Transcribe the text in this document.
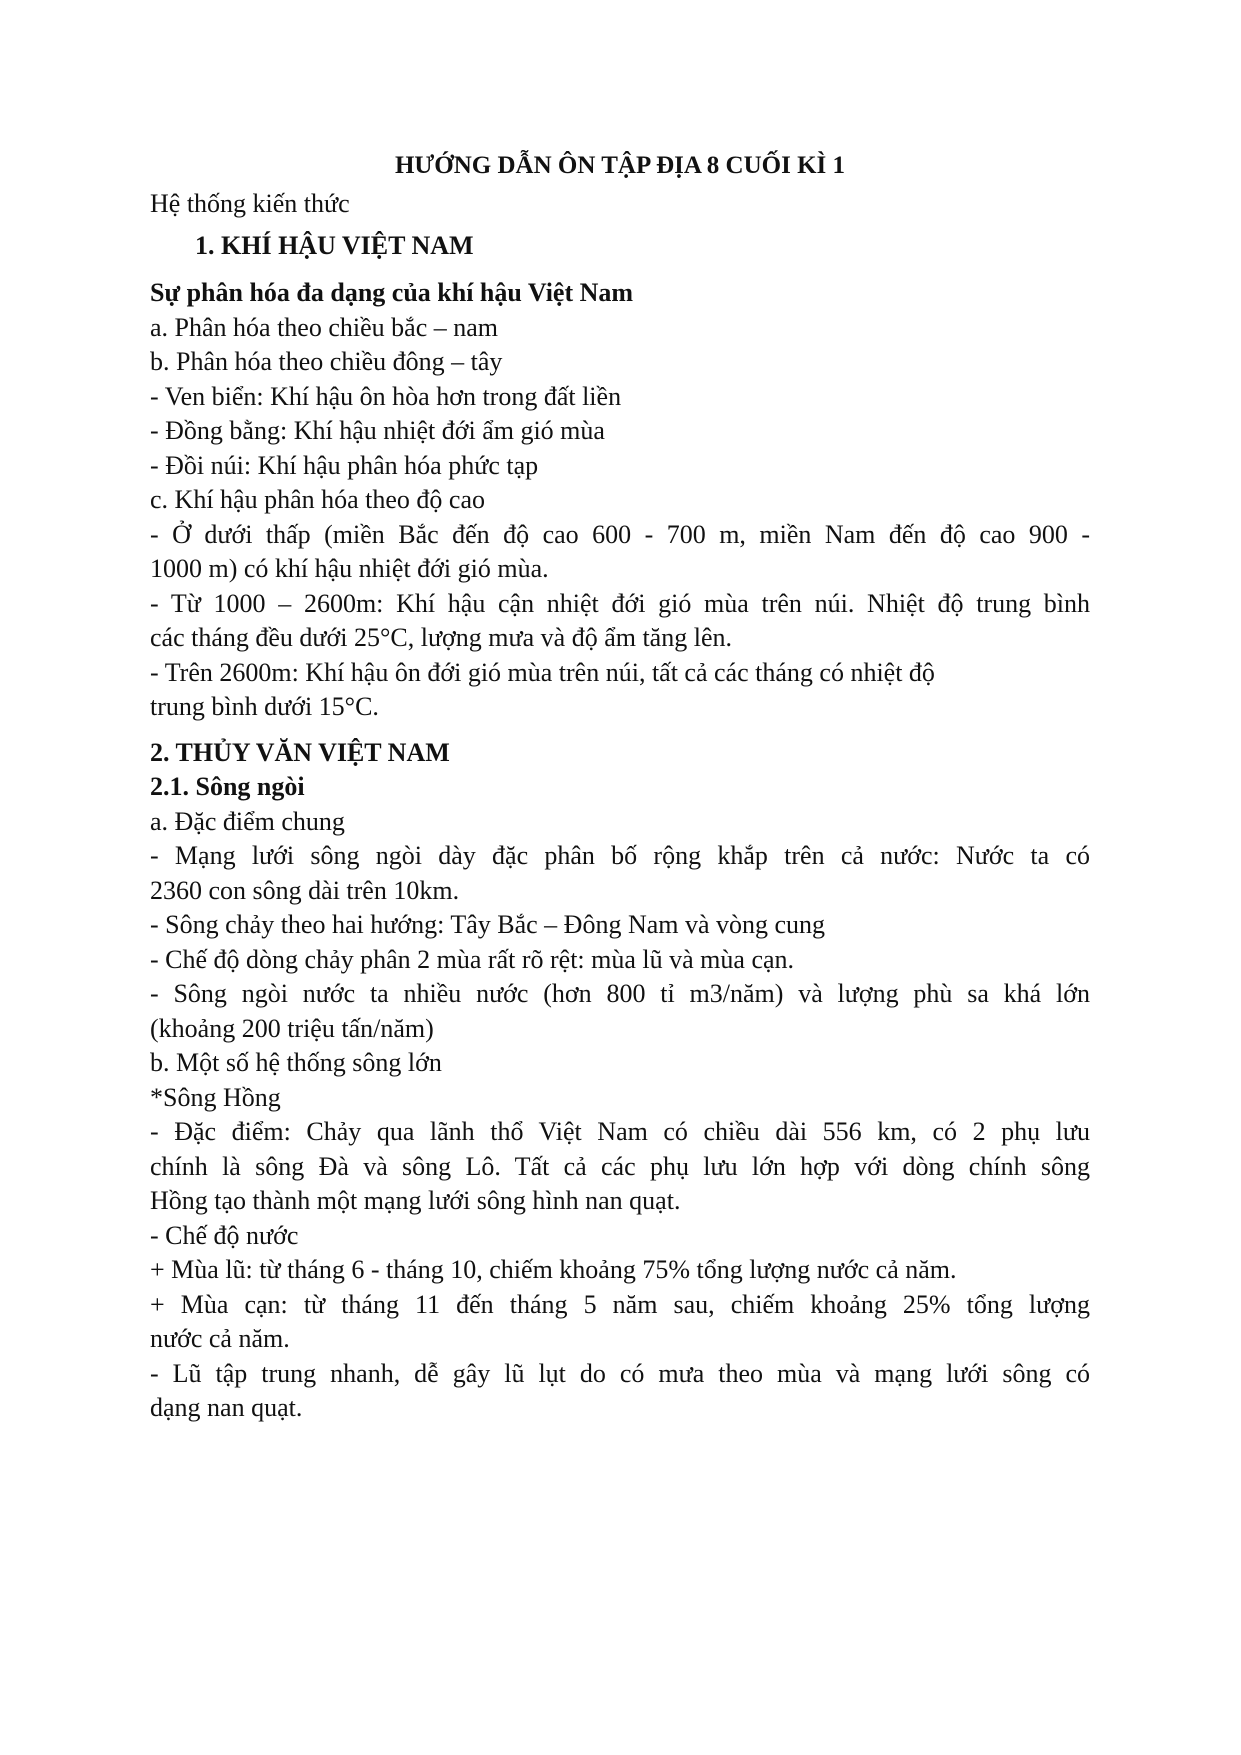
HƯỚNG DẪN ÔN TẬP ĐỊA 8 CUỐI KÌ 1
Hệ thống kiến thức
1. KHÍ HẬU VIỆT NAM
Sự phân hóa đa dạng của khí hậu Việt Nam
a. Phân hóa theo chiều bắc – nam
b. Phân hóa theo chiều đông – tây
- Ven biển: Khí hậu ôn hòa hơn trong đất liền
- Đồng bằng: Khí hậu nhiệt đới ẩm gió mùa
- Đồi núi: Khí hậu phân hóa phức tạp
c. Khí hậu phân hóa theo độ cao
- Ở dưới thấp (miền Bắc đến độ cao 600 - 700 m, miền Nam đến độ cao 900 -
1000 m) có khí hậu nhiệt đới gió mùa.
- Từ 1000 – 2600m: Khí hậu cận nhiệt đới gió mùa trên núi. Nhiệt độ trung bình
các tháng đều dưới 25°C, lượng mưa và độ ẩm tăng lên.
- Trên 2600m: Khí hậu ôn đới gió mùa trên núi, tất cả các tháng có nhiệt độ
trung bình dưới 15°C.
2. THỦY VĂN VIỆT NAM
2.1. Sông ngòi
a. Đặc điểm chung
- Mạng lưới sông ngòi dày đặc phân bố rộng khắp trên cả nước: Nước ta có
2360 con sông dài trên 10km.
- Sông chảy theo hai hướng: Tây Bắc – Đông Nam và vòng cung
- Chế độ dòng chảy phân 2 mùa rất rõ rệt: mùa lũ và mùa cạn.
- Sông ngòi nước ta nhiều nước (hơn 800 tỉ m3/năm) và lượng phù sa khá lớn
(khoảng 200 triệu tấn/năm)
b. Một số hệ thống sông lớn
*Sông Hồng
- Đặc điểm: Chảy qua lãnh thổ Việt Nam có chiều dài 556 km, có 2 phụ lưu
chính là sông Đà và sông Lô. Tất cả các phụ lưu lớn hợp với dòng chính sông
Hồng tạo thành một mạng lưới sông hình nan quạt.
- Chế độ nước
+ Mùa lũ: từ tháng 6 - tháng 10, chiếm khoảng 75% tổng lượng nước cả năm.
+ Mùa cạn: từ tháng 11 đến tháng 5 năm sau, chiếm khoảng 25% tổng lượng
nước cả năm.
- Lũ tập trung nhanh, dễ gây lũ lụt do có mưa theo mùa và mạng lưới sông có
dạng nan quạt.
